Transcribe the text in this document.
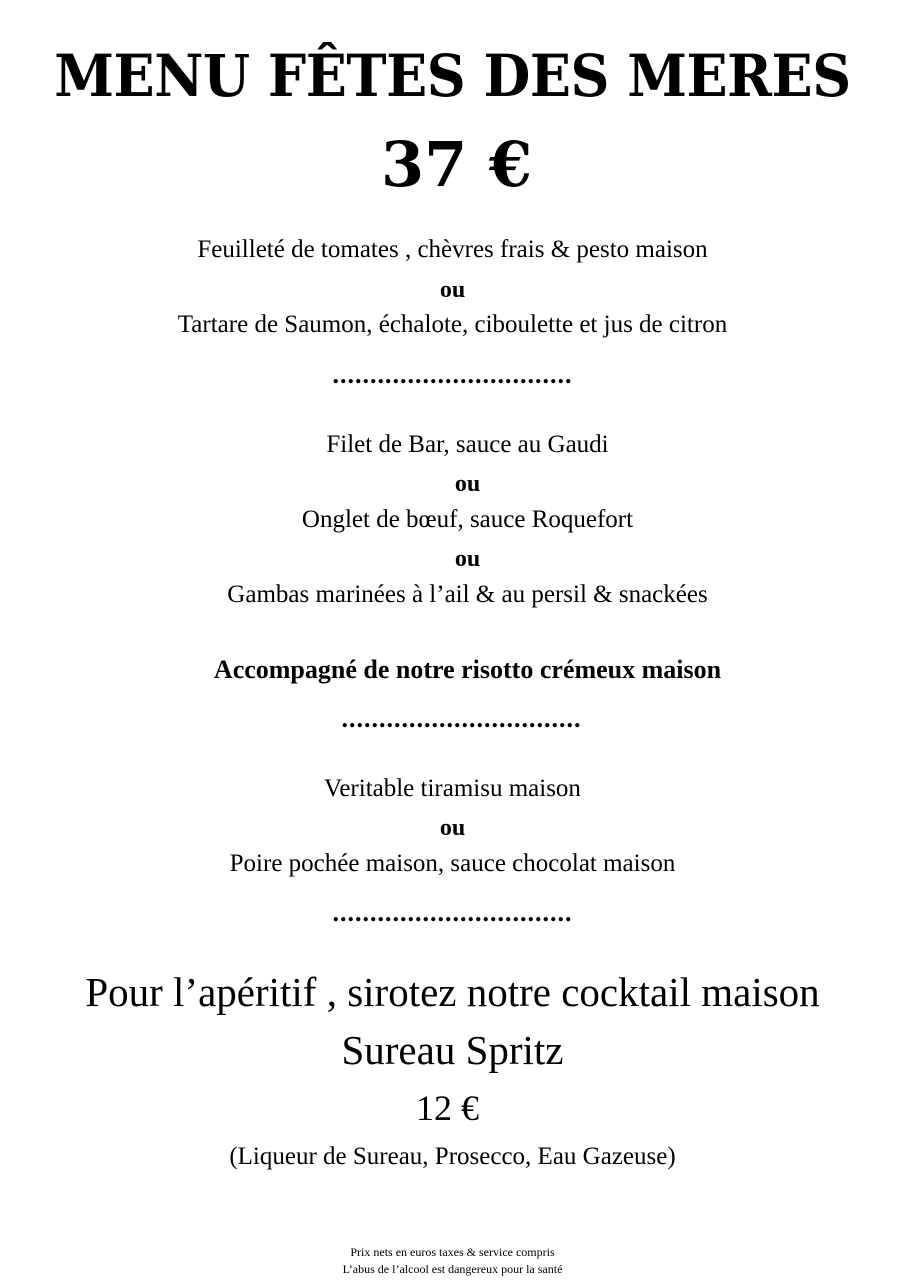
MENU FÊTES DES MERES
37 €
Feuilleté de tomates , chèvres frais & pesto maison
ou
Tartare de Saumon, échalote, ciboulette et jus de citron
................................
Filet de Bar, sauce au Gaudi
ou
Onglet de bœuf, sauce Roquefort
ou
Gambas marinées à l’ail & au persil & snackées
Accompagné de notre risotto crémeux maison
................................
Veritable tiramisu maison
ou
Poire pochée maison, sauce chocolat maison
................................
Pour l’apéritif , sirotez notre cocktail maison
Sureau Spritz
12 €
(Liqueur de Sureau, Prosecco, Eau Gazeuse)
Prix nets en euros taxes & service compris
L’abus de l’alcool est dangereux pour la santé
